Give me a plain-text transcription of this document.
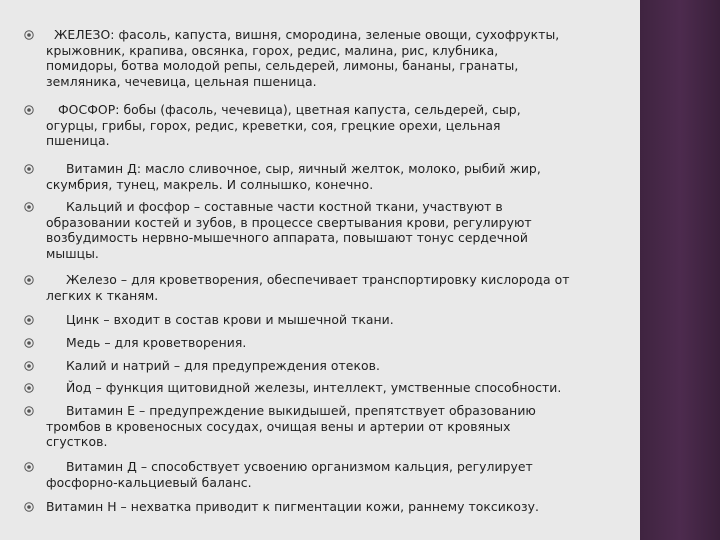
ЖЕЛЕЗО: фасоль, капуста, вишня, смородина, зеленые овощи, сухофрукты,
крыжовник, крапива, овсянка, горох, редис, малина, рис, клубника,
помидоры, ботва молодой репы, сельдерей, лимоны, бананы, гранаты,
земляника, чечевица, цельная пшеница.
ФОСФОР: бобы (фасоль, чечевица), цветная капуста, сельдерей, сыр,
огурцы, грибы, горох, редис, креветки, соя, грецкие орехи, цельная
пшеница.
Витамин Д: масло сливочное, сыр, яичный желток, молоко, рыбий жир,
скумбрия, тунец, макрель. И солнышко, конечно.
Кальций и фосфор – составные части костной ткани, участвуют в
образовании костей и зубов, в процессе свертывания крови, регулируют
возбудимость нервно-мышечного аппарата, повышают тонус сердечной
мышцы.
Железо – для кроветворения, обеспечивает транспортировку кислорода от
легких к тканям.
Цинк – входит в состав крови и мышечной ткани.
Медь – для кроветворения.
Калий и натрий – для предупреждения отеков.
Йод – функция щитовидной железы, интеллект, умственные способности.
Витамин Е – предупреждение выкидышей, препятствует образованию
тромбов в кровеносных сосудах, очищая вены и артерии от кровяных
сгустков.
Витамин Д – способствует усвоению организмом кальция, регулирует
фосфорно-кальциевый баланс.
Витамин Н – нехватка приводит к пигментации кожи, раннему токсикозу.
